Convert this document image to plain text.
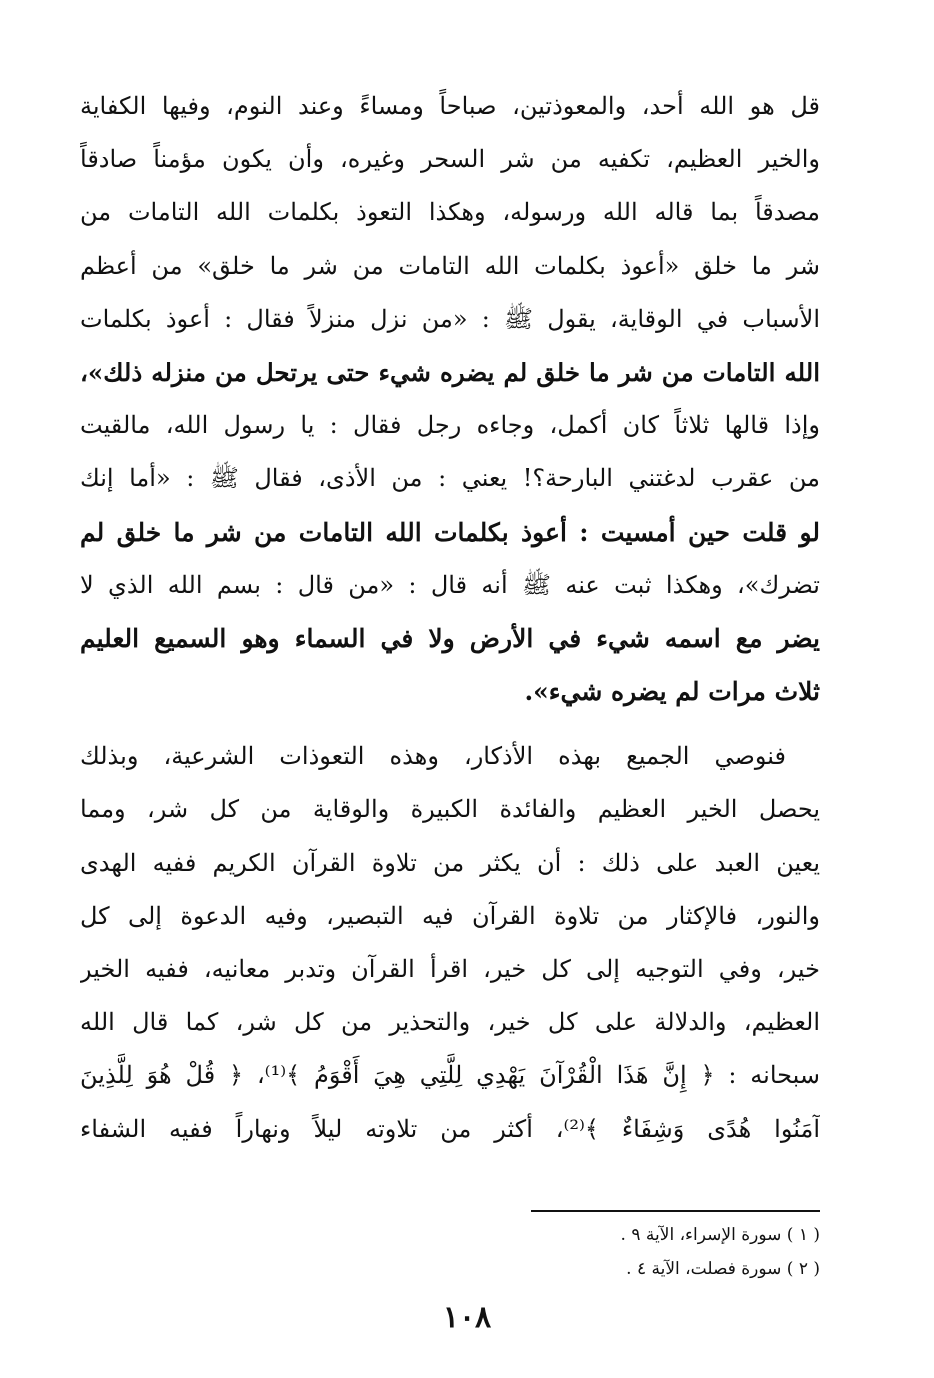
قل هو الله أحد، والمعوذتين، صباحاً ومساءً وعند النوم، وفيها الكفاية
والخير العظيم، تكفيه من شر السحر وغيره، وأن يكون مؤمناً صادقاً
مصدقاً بما قاله الله ورسوله، وهكذا التعوذ بكلمات الله التامات من
شر ما خلق «أعوذ بكلمات الله التامات من شر ما خلق» من أعظم
الأسباب في الوقاية، يقول ﷺ : «من نزل منزلاً فقال : أعوذ بكلمات
الله التامات من شر ما خلق لم يضره شيء حتى يرتحل من منزله ذلك»،
وإذا قالها ثلاثاً كان أكمل، وجاءه رجل فقال : يا رسول الله، مالقيت
من عقرب لدغتني البارحة؟! يعني : من الأذى، فقال ﷺ : «أما إنك
لو قلت حين أمسيت : أعوذ بكلمات الله التامات من شر ما خلق لم
تضرك»، وهكذا ثبت عنه ﷺ أنه قال : «من قال : بسم الله الذي لا
يضر مع اسمه شيء في الأرض ولا في السماء وهو السميع العليم
ثلاث مرات لم يضره شيء».
فنوصي الجميع بهذه الأذكار، وهذه التعوذات الشرعية، وبذلك
يحصل الخير العظيم والفائدة الكبيرة والوقاية من كل شر، ومما
يعين العبد على ذلك : أن يكثر من تلاوة القرآن الكريم ففيه الهدى
والنور، فالإكثار من تلاوة القرآن فيه التبصير، وفيه الدعوة إلى كل
خير، وفي التوجيه إلى كل خير، اقرأ القرآن وتدبر معانيه، ففيه الخير
العظيم، والدلالة على كل خير، والتحذير من كل شر، كما قال الله
سبحانه : ﴿ إِنَّ هَذَا الْقُرْآنَ يَهْدِي لِلَّتِي هِيَ أَقْوَمُ ﴾⁽¹⁾، ﴿ قُلْ هُوَ لِلَّذِينَ
آمَنُوا هُدًى وَشِفَاءٌ ﴾⁽²⁾، أكثر من تلاوته ليلاً ونهاراً ففيه الشفاء
( ١ ) سورة الإسراء، الآية ٩ .
( ٢ ) سورة فصلت، الآية ٤ .
١٠٨
